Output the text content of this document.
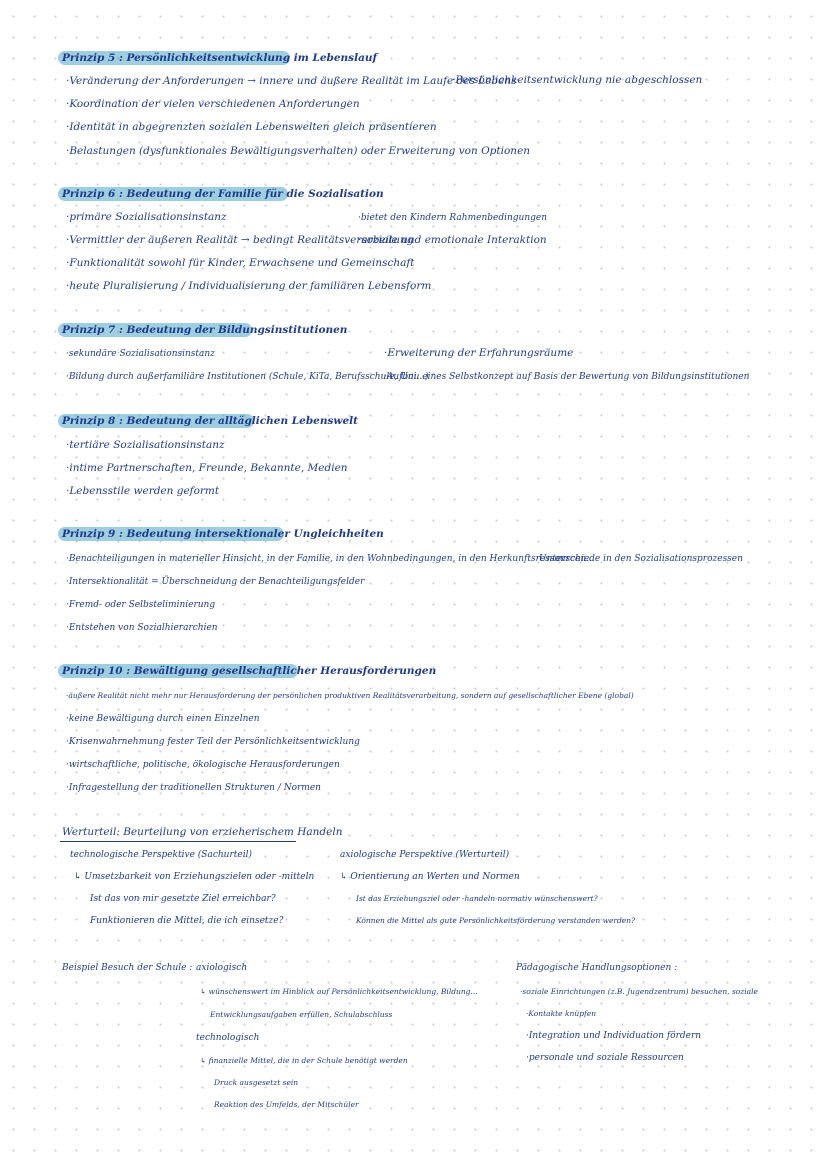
Prinzip 5 : Persönlichkeitsentwicklung im Lebenslauf
·Veränderung der Anforderungen → innere und äußere Realität im Laufe des Lebens
·Koordination der vielen verschiedenen Anforderungen
·Identität in abgegrenzten sozialen Lebenswelten gleich präsentieren
·Belastungen (dysfunktionales Bewältigungsverhalten) oder Erweiterung von Optionen
·Persönlichkeitsentwicklung nie abgeschlossen
Prinzip 6 : Bedeutung der Familie für die Sozialisation
·primäre Sozialisationsinstanz
·Vermittler der äußeren Realität → bedingt Realitätsverarbeitung
·Funktionalität sowohl für Kinder, Erwachsene und Gemeinschaft
·heute Pluralisierung / Individualisierung der familiären Lebensform
·bietet den Kindern Rahmenbedingungen
·soziale und emotionale Interaktion
Prinzip 7 : Bedeutung der Bildungsinstitutionen
·sekundäre Sozialisationsinstanz
·Bildung durch außerfamiliäre Institutionen (Schule, KiTa, Berufsschule, Uni...)
·Erweiterung der Erfahrungsräume
·Aufbau eines Selbstkonzept auf Basis der Bewertung von Bildungsinstitutionen
Prinzip 8 : Bedeutung der alltäglichen Lebenswelt
·tertiäre Sozialisationsinstanz
·intime Partnerschaften, Freunde, Bekannte, Medien
·Lebensstile werden geformt
Prinzip 9 : Bedeutung intersektionaler Ungleichheiten
·Benachteiligungen in materieller Hinsicht, in der Familie, in den Wohnbedingungen, in den Herkunftsressourcen...
·Intersektionalität = Überschneidung der Benachteiligungsfelder
·Fremd- oder Selbsteliminierung
·Entstehen von Sozialhierarchien
·Unterschiede in den Sozialisationsprozessen
Prinzip 10 : Bewältigung gesellschaftlicher Herausforderungen
·äußere Realität nicht mehr nur Herausforderung der persönlichen produktiven Realitätsverarbeitung, sondern auf gesellschaftlicher Ebene (global)
·keine Bewältigung durch einen Einzelnen
·Krisenwahrnehmung fester Teil der Persönlichkeitsentwicklung
·wirtschaftliche, politische, ökologische Herausforderungen
·Infragestellung der traditionellen Strukturen / Normen
Werturteil: Beurteilung von erzieherischem Handeln
technologische Perspektive (Sachurteil)
↳ Umsetzbarkeit von Erziehungszielen oder -mitteln
Ist das von mir gesetzte Ziel erreichbar?
Funktionieren die Mittel, die ich einsetze?
axiologische Perspektive (Werturteil)
↳ Orientierung an Werten und Normen
Ist das Erziehungsziel oder -handeln normativ wünschenswert?
Können die Mittel als gute Persönlichkeitsförderung verstanden werden?
Beispiel Besuch der Schule : axiologisch
↳ wünschenswert im Hinblick auf Persönlichkeitsentwicklung, Bildung...
Entwicklungsaufgaben erfüllen, Schulabschluss
technologisch
↳ finanzielle Mittel, die in der Schule benötigt werden
Druck ausgesetzt sein
Reaktion des Umfelds, der Mitschüler
Pädagogische Handlungsoptionen :
·soziale Einrichtungen (z.B. Jugendzentrum) besuchen, soziale
·Kontakte knüpfen
·Integration und Individuation fördern
·personale und soziale Ressourcen
